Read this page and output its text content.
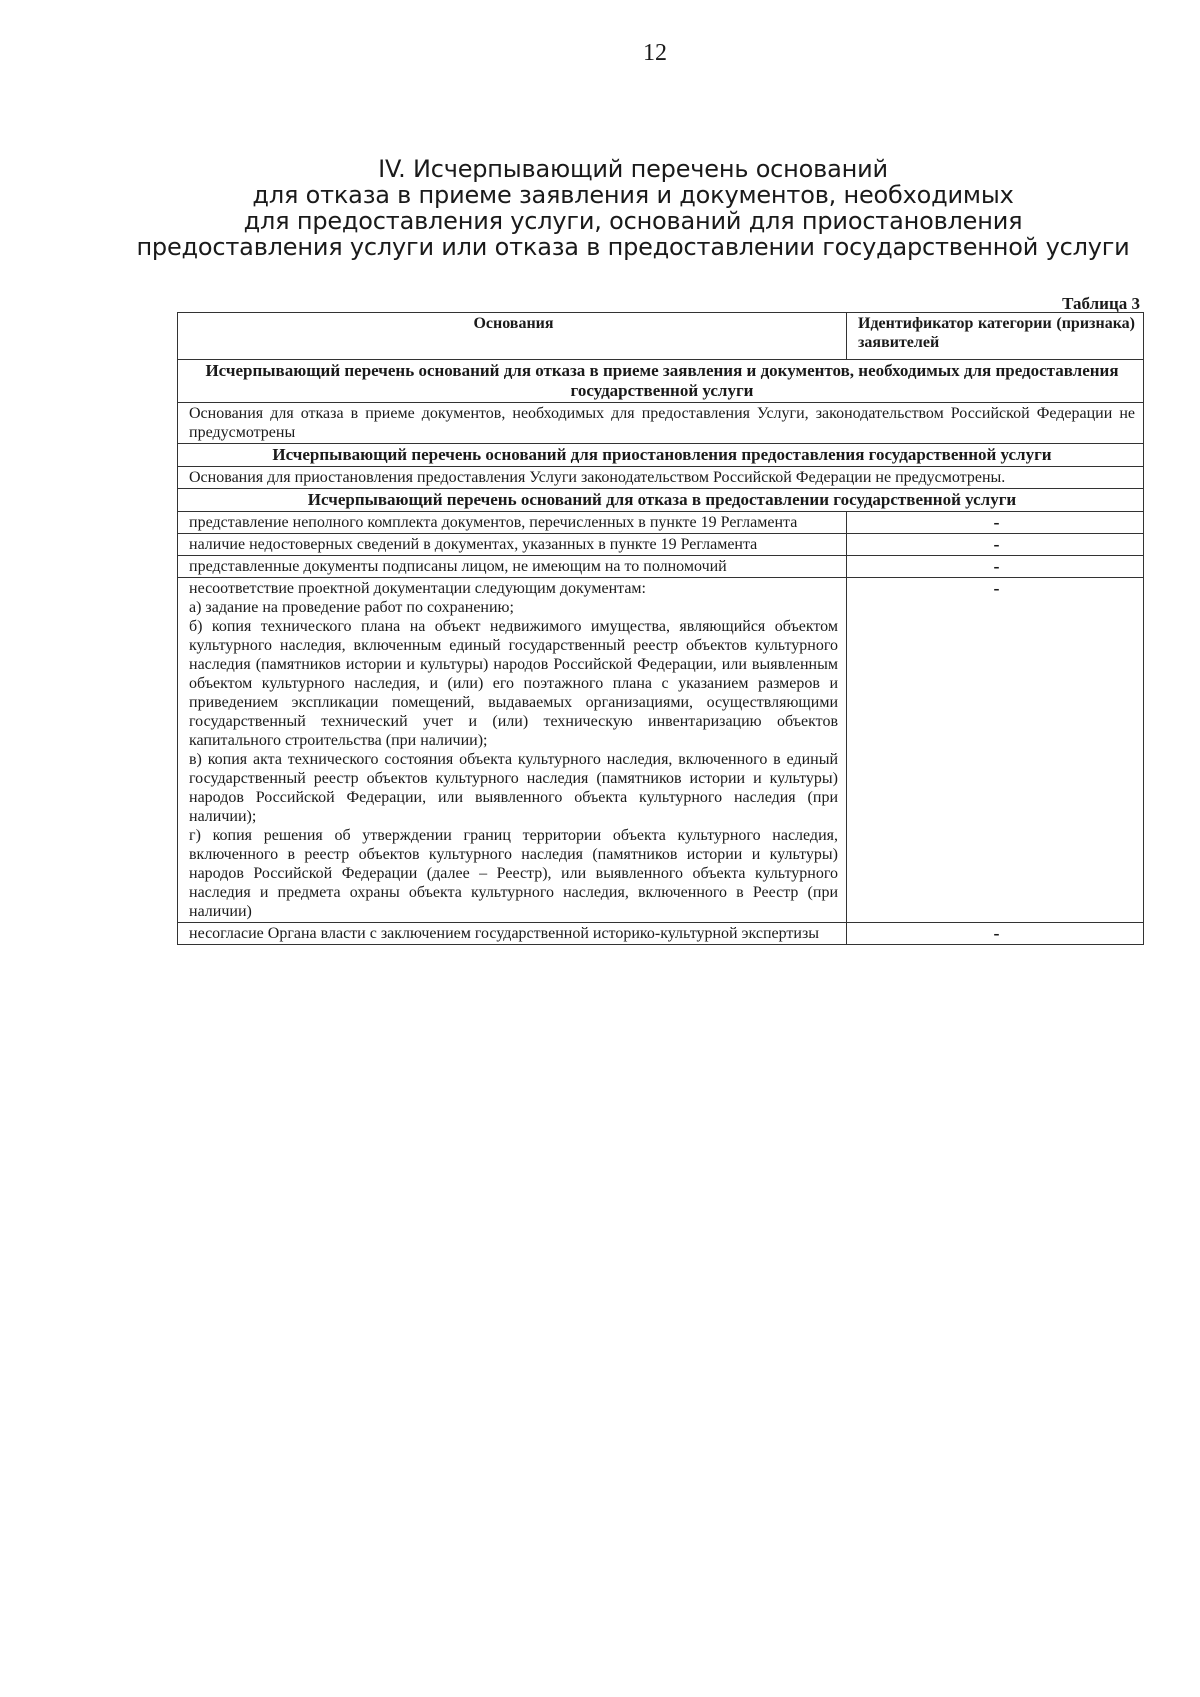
12
IV. Исчерпывающий перечень оснований
для отказа в приеме заявления и документов, необходимых
для предоставления услуги, оснований для приостановления
предоставления услуги или отказа в предоставлении государственной услуги
Таблица 3
Основания	Идентификатор категории (признака) заявителей
Исчерпывающий перечень оснований для отказа в приеме заявления и документов, необходимых для предоставления государственной услуги	
Основания для отказа в приеме документов, необходимых для предоставления Услуги, законодательством Российской Федерации не предусмотрены	
Исчерпывающий перечень оснований для приостановления предоставления государственной услуги	
Основания для приостановления предоставления Услуги законодательством Российской Федерации не предусмотрены.	
Исчерпывающий перечень оснований для отказа в предоставлении государственной услуги	
представление неполного комплекта документов, перечисленных в пункте 19 Регламента	-
наличие недостоверных сведений в документах, указанных в пункте 19 Регламента	-
представленные документы подписаны лицом, не имеющим на то полномочий	-

несоответствие проектной документации следующим документам:
а) задание на проведение работ по сохранению;
б) копия технического плана на объект недвижимого имущества, являющийся объектом культурного наследия, включенным единый государственный реестр объектов культурного наследия (памятников истории и культуры) народов Российской Федерации, или выявленным объектом культурного наследия, и (или) его поэтажного плана с указанием размеров и приведением экспликации помещений, выдаваемых организациями, осуществляющими государственный технический учет и (или) техническую инвентаризацию объектов капитального строительства (при наличии);
в) копия акта технического состояния объекта культурного наследия, включенного в единый государственный реестр объектов культурного наследия (памятников истории и культуры) народов Российской Федерации, или выявленного объекта культурного наследия (при наличии);
г) копия решения об утверждении границ территории объекта культурного наследия, включенного в реестр объектов культурного наследия (памятников истории и культуры) народов Российской Федерации (далее – Реестр), или выявленного объекта культурного наследия и предмета охраны объекта культурного наследия, включенного в Реестр (при наличии)	-
несогласие Органа власти с заключением государственной историко-культурной экспертизы	-
